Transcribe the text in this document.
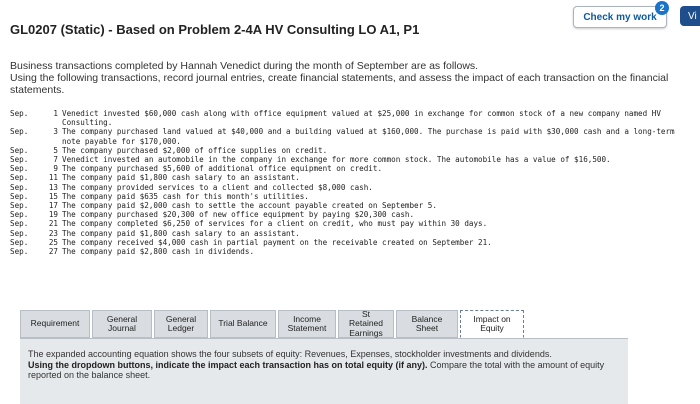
Check my work
2
Vi
GL0207 (Static) - Based on Problem 2-4A HV Consulting LO A1, P1
Business transactions completed by Hannah Venedict during the month of September are as follows.
Using the following transactions, record journal entries, create financial statements, and assess the impact of each transaction on the financial statements.
Sep.	1 Venedict invested $60,000 cash along with office equipment valued at $25,000 in exchange for common stock of a new company named HV Consulting.
Sep.	3 The company purchased land valued at $40,000 and a building valued at $160,000. The purchase is paid with $30,000 cash and a long-term note payable for $170,000.
Sep.	5 The company purchased $2,000 of office supplies on credit.
Sep.	7 Venedict invested an automobile in the company in exchange for more common stock. The automobile has a value of $16,500.
Sep.	9 The company purchased $5,600 of additional office equipment on credit.
Sep.	11 The company paid $1,800 cash salary to an assistant.
Sep.	13 The company provided services to a client and collected $8,000 cash.
Sep.	15 The company paid $635 cash for this month's utilities.
Sep.	17 The company paid $2,000 cash to settle the account payable created on September 5.
Sep.	19 The company purchased $20,300 of new office equipment by paying $20,300 cash.
Sep.	21 The company completed $6,250 of services for a client on credit, who must pay within 30 days.
Sep.	23 The company paid $1,800 cash salary to an assistant.
Sep.	25 The company received $4,000 cash in partial payment on the receivable created on September 21.
Sep.	27 The company paid $2,800 cash in dividends.
Requirement	General Journal
General Ledger	Trial Balance	Income Statement
St Retained Earnings
Balance Sheet
Impact on Equity
The expanded accounting equation shows the four subsets of equity: Revenues, Expenses, stockholder investments and dividends.
Using the dropdown buttons, indicate the impact each transaction has on total equity (if any). Compare the total with the amount of equity reported on the balance sheet.
